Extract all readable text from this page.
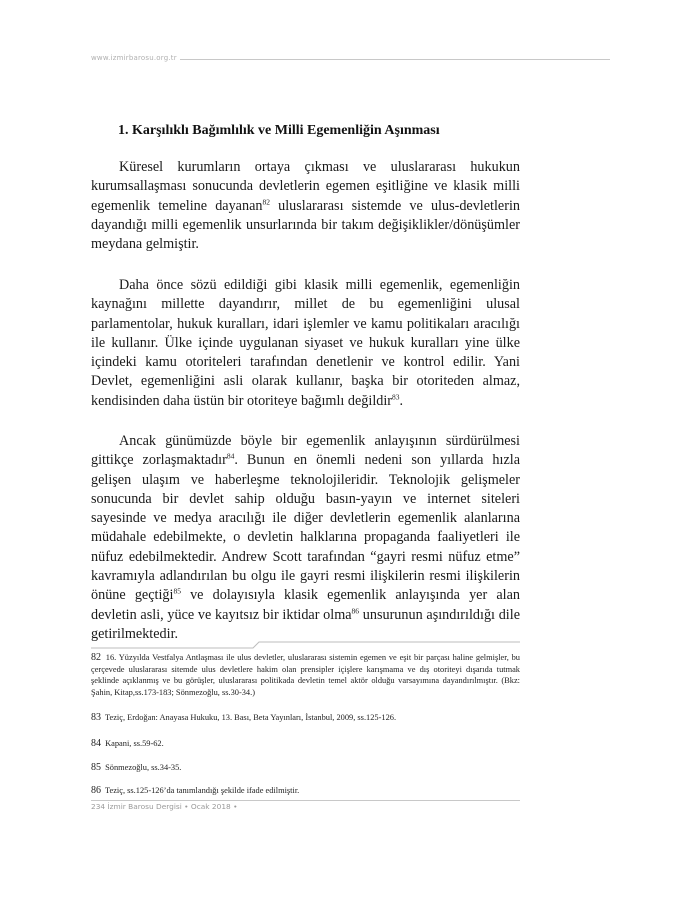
www.izmirbarosu.org.tr
1. Karşılıklı Bağımlılık ve Milli Egemenliğin Aşınması

Küresel kurumların ortaya çıkması ve uluslararası hukukun kurumsallaşması sonucunda devletlerin egemen eşitliğine ve klasik milli egemenlik temeline dayanan$^{82}$ uluslararası sistemde ve ulus-devletlerin dayandığı milli egemenlik unsurlarında bir takım değişiklikler/dönüşümler meydana gelmiştir.

Daha önce sözü edildiği gibi klasik milli egemenlik, egemenliğin kaynağını millette dayandırır, millet de bu egemenliğini ulusal parlamentolar, hukuk kuralları, idari işlemler ve kamu politikaları aracılığı ile kullanır. Ülke içinde uygulanan siyaset ve hukuk kuralları yine ülke içindeki kamu otoriteleri tarafından denetlenir ve kontrol edilir. Yani Devlet, egemenliğini asli olarak kullanır, başka bir otoriteden almaz, kendisinden daha üstün bir otoriteye bağımlı değildir$^{83}$.

Ancak günümüzde böyle bir egemenlik anlayışının sürdürülmesi gittikçe zorlaşmaktadır$^{84}$. Bunun en önemli nedeni son yıllarda hızla gelişen ulaşım ve haberleşme teknolojileridir. Teknolojik gelişmeler sonucunda bir devlet sahip olduğu basın-yayın ve internet siteleri sayesinde ve medya aracılığı ile diğer devletlerin egemenlik alanlarına müdahale edebilmekte, o devletin halklarına propaganda faaliyetleri ile nüfuz edebilmektedir. Andrew Scott tarafından “gayri resmi nüfuz etme” kavramıyla adlandırılan bu olgu ile gayri resmi ilişkilerin resmi ilişkilerin önüne geçtiği$^{85}$ ve dolayısıyla klasik egemenlik anlayışında yer alan devletin asli, yüce ve kayıtsız bir iktidar olma$^{86}$ unsurunun aşındırıldığı dile getirilmektedir.

82 16. Yüzyılda Vestfalya Antlaşması ile ulus devletler, uluslararası sistemin egemen ve eşit bir parçası haline gelmişler, bu çerçevede uluslararası sitemde ulus devletlere hakim olan prensipler içişlere karışmama ve dış otoriteyi dışarıda tutmak şeklinde açıklanmış ve bu görüşler, uluslararası politikada devletin temel aktör olduğu varsayımına dayandırılmıştır. (Bkz: Şahin, Kitap,ss.173-183; Sönmezoğlu, ss.30-34.)

83 Teziç, Erdoğan: Anayasa Hukuku, 13. Bası, Beta Yayınları, İstanbul, 2009, ss.125-126.

84 Kapani, ss.59-62.

85 Sönmezoğlu, ss.34-35.

86 Teziç, ss.125-126’da tanımlandığı şekilde ifade edilmiştir.

234 İzmir Barosu Dergisi • Ocak 2018 •
